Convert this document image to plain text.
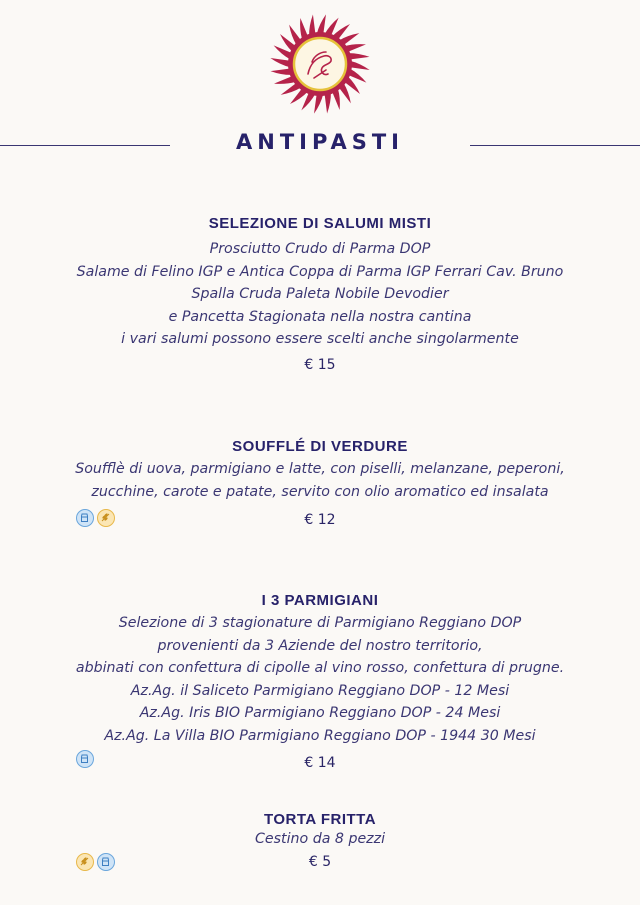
ANTIPASTI
SELEZIONE DI SALUMI MISTI
Prosciutto Crudo di Parma DOP
Salame di Felino IGP e Antica Coppa di Parma IGP Ferrari Cav. Bruno
Spalla Cruda Paleta Nobile Devodier
e Pancetta Stagionata nella nostra cantina
i vari salumi possono essere scelti anche singolarmente
€ 15
SOUFFLÉ DI VERDURE
Soufflè di uova, parmigiano e latte, con piselli, melanzane, peperoni,
zucchine, carote e patate, servito con olio aromatico ed insalata
€ 12
I 3 PARMIGIANI
Selezione di 3 stagionature di Parmigiano Reggiano DOP
provenienti da 3 Aziende del nostro territorio,
abbinati con confettura di cipolle al vino rosso, confettura di prugne.
Az.Ag. il Saliceto Parmigiano Reggiano DOP - 12 Mesi
Az.Ag. Iris BIO Parmigiano Reggiano DOP - 24 Mesi
Az.Ag. La Villa BIO Parmigiano Reggiano DOP - 1944 30 Mesi
€ 14
TORTA FRITTA
Cestino da 8 pezzi
€ 5
